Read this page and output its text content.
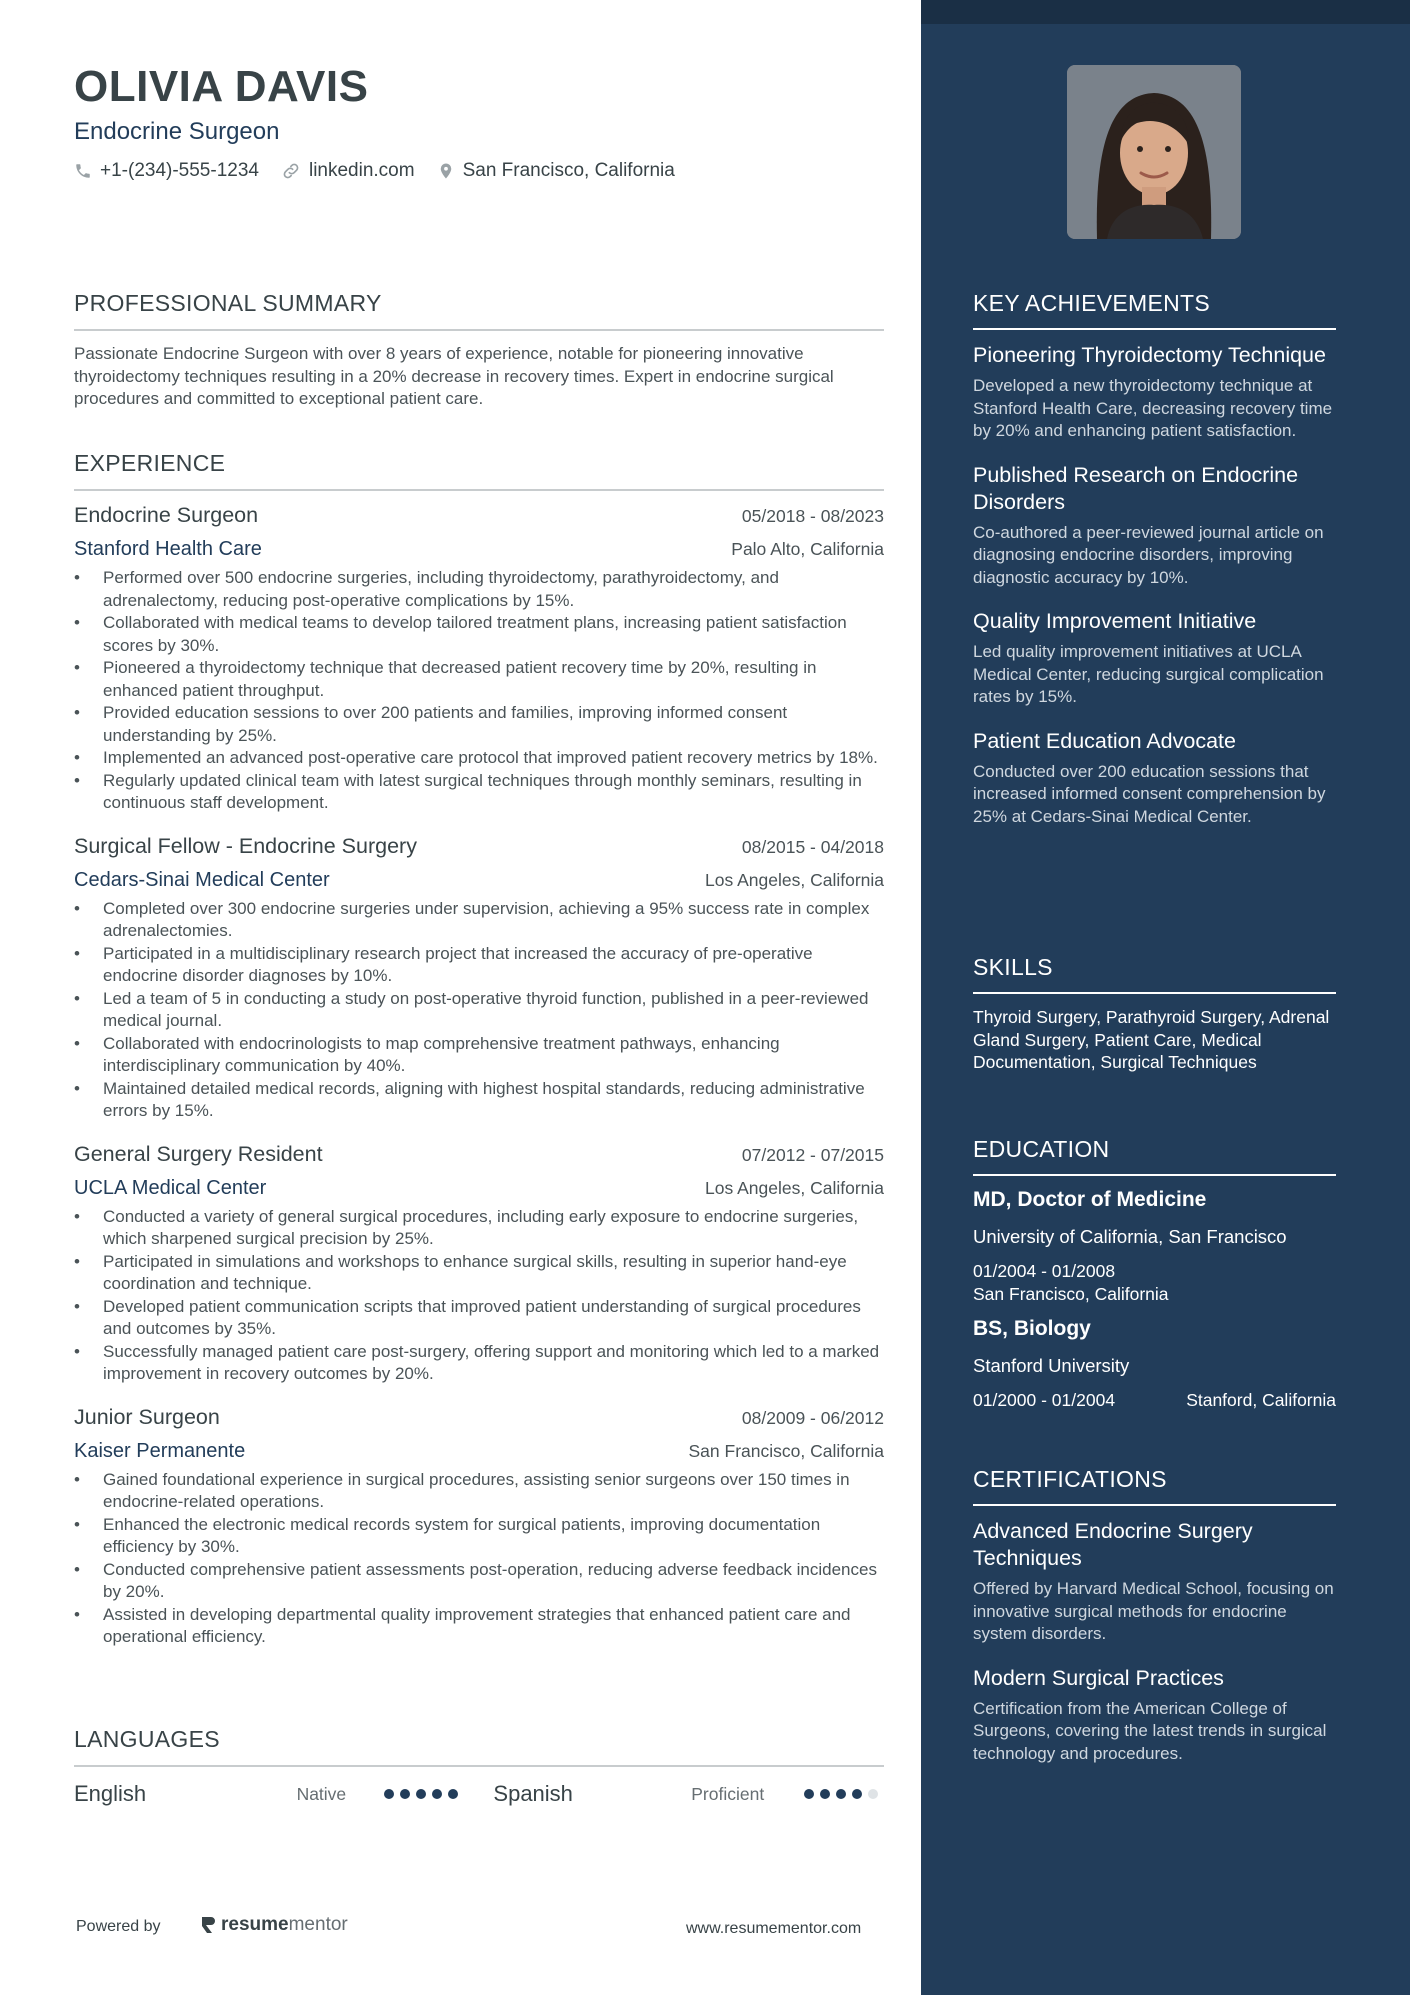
OLIVIA DAVIS
Endocrine Surgeon
+1-(234)-555-1234	linkedin.com	San Francisco, California
PROFESSIONAL SUMMARY
Passionate Endocrine Surgeon with over 8 years of experience, notable for pioneering innovative thyroidectomy techniques resulting in a 20% decrease in recovery times. Expert in endocrine surgical procedures and committed to exceptional patient care.
EXPERIENCE
Endocrine Surgeon	05/2018 - 08/2023
Stanford Health Care	Palo Alto, California
• Performed over 500 endocrine surgeries, including thyroidectomy, parathyroidectomy, and adrenalectomy, reducing post-operative complications by 15%.
• Collaborated with medical teams to develop tailored treatment plans, increasing patient satisfaction scores by 30%.
• Pioneered a thyroidectomy technique that decreased patient recovery time by 20%, resulting in enhanced patient throughput.
• Provided education sessions to over 200 patients and families, improving informed consent understanding by 25%.
• Implemented an advanced post-operative care protocol that improved patient recovery metrics by 18%.
• Regularly updated clinical team with latest surgical techniques through monthly seminars, resulting in continuous staff development.
Surgical Fellow - Endocrine Surgery	08/2015 - 04/2018
Cedars-Sinai Medical Center	Los Angeles, California
• Completed over 300 endocrine surgeries under supervision, achieving a 95% success rate in complex adrenalectomies.
• Participated in a multidisciplinary research project that increased the accuracy of pre-operative endocrine disorder diagnoses by 10%.
• Led a team of 5 in conducting a study on post-operative thyroid function, published in a peer-reviewed medical journal.
• Collaborated with endocrinologists to map comprehensive treatment pathways, enhancing interdisciplinary communication by 40%.
• Maintained detailed medical records, aligning with highest hospital standards, reducing administrative errors by 15%.
General Surgery Resident	07/2012 - 07/2015
UCLA Medical Center	Los Angeles, California
• Conducted a variety of general surgical procedures, including early exposure to endocrine surgeries, which sharpened surgical precision by 25%.
• Participated in simulations and workshops to enhance surgical skills, resulting in superior hand-eye coordination and technique.
• Developed patient communication scripts that improved patient understanding of surgical procedures and outcomes by 35%.
• Successfully managed patient care post-surgery, offering support and monitoring which led to a marked improvement in recovery outcomes by 20%.
Junior Surgeon	08/2009 - 06/2012
Kaiser Permanente	San Francisco, California
• Gained foundational experience in surgical procedures, assisting senior surgeons over 150 times in endocrine-related operations.
• Enhanced the electronic medical records system for surgical patients, improving documentation efficiency by 30%.
• Conducted comprehensive patient assessments post-operation, reducing adverse feedback incidences by 20%.
• Assisted in developing departmental quality improvement strategies that enhanced patient care and operational efficiency.
LANGUAGES
English	Native	Spanish	Proficient
Powered by	resume mentor	www.resumementor.com
KEY ACHIEVEMENTS
Pioneering Thyroidectomy Technique
Developed a new thyroidectomy technique at Stanford Health Care, decreasing recovery time by 20% and enhancing patient satisfaction.
Published Research on Endocrine Disorders
Co-authored a peer-reviewed journal article on diagnosing endocrine disorders, improving diagnostic accuracy by 10%.
Quality Improvement Initiative
Led quality improvement initiatives at UCLA Medical Center, reducing surgical complication rates by 15%.
Patient Education Advocate
Conducted over 200 education sessions that increased informed consent comprehension by 25% at Cedars-Sinai Medical Center.
SKILLS
Thyroid Surgery, Parathyroid Surgery, Adrenal Gland Surgery, Patient Care, Medical Documentation, Surgical Techniques
EDUCATION
MD, Doctor of Medicine
University of California, San Francisco
01/2004 - 01/2008
San Francisco, California
BS, Biology
Stanford University
01/2000 - 01/2004	Stanford, California
CERTIFICATIONS
Advanced Endocrine Surgery Techniques
Offered by Harvard Medical School, focusing on innovative surgical methods for endocrine system disorders.
Modern Surgical Practices
Certification from the American College of Surgeons, covering the latest trends in surgical technology and procedures.
